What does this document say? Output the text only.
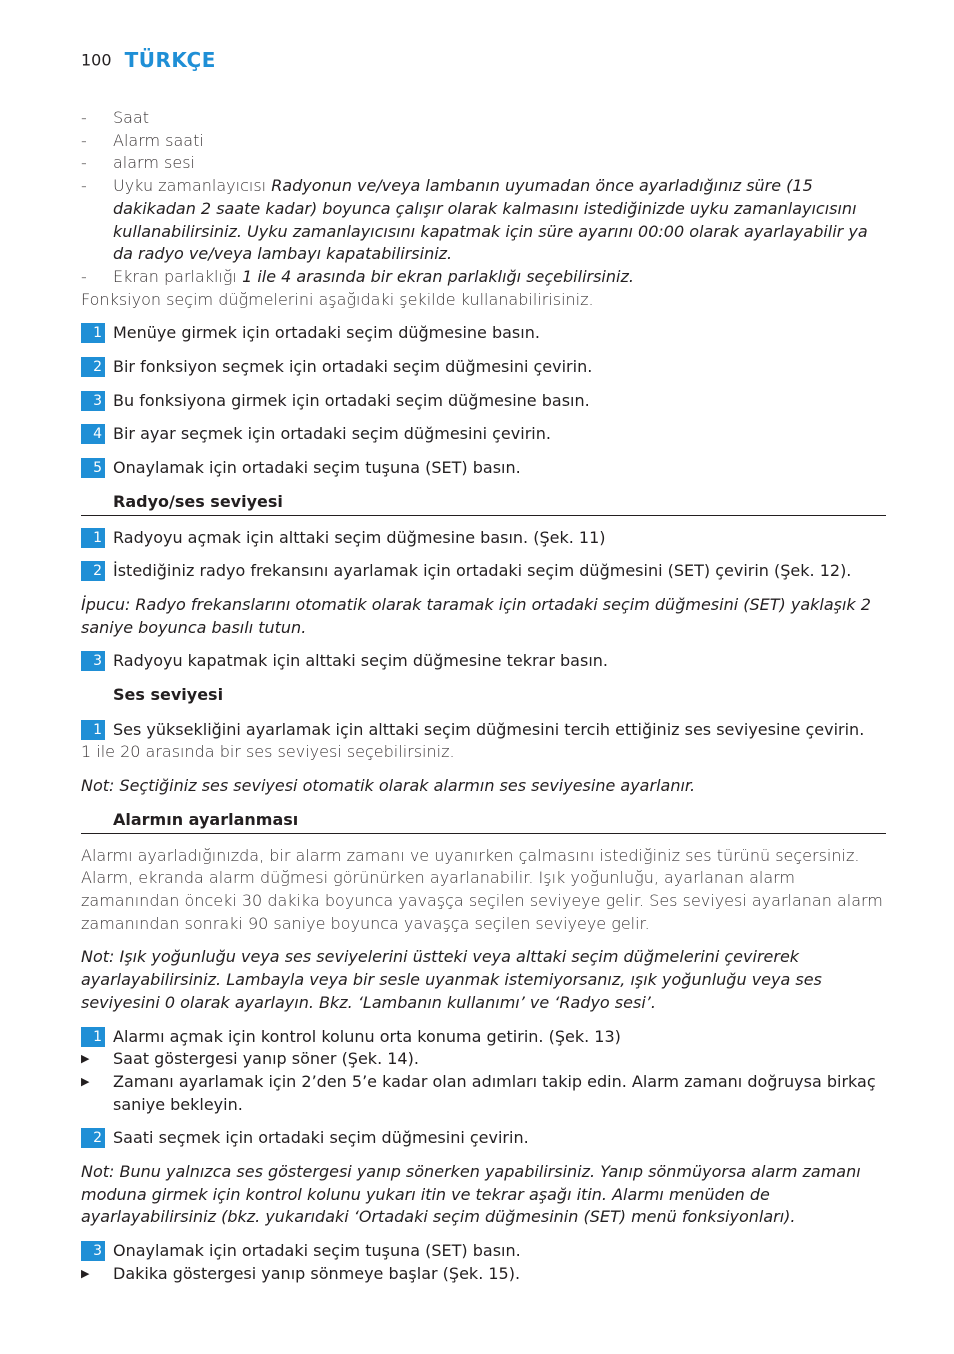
100 TÜRKÇE
-	Saat
-	Alarm saati
-	alarm sesi
-	Uyku zamanlayıcısı Radyonun ve/veya lambanın uyumadan önce ayarladığınız süre (15 dakikadan 2 saate kadar) boyunca çalışır olarak kalmasını istediğinizde uyku zamanlayıcısını kullanabilirsiniz. Uyku zamanlayıcısını kapatmak için süre ayarını 00:00 olarak ayarlayabilir ya da radyo ve/veya lambayı kapatabilirsiniz.
-	Ekran parlaklığı 1 ile 4 arasında bir ekran parlaklığı seçebilirsiniz.
Fonksiyon seçim düğmelerini aşağıdaki şekilde kullanabilirisiniz.
1 Menüye girmek için ortadaki seçim düğmesine basın.
2 Bir fonksiyon seçmek için ortadaki seçim düğmesini çevirin.
3 Bu fonksiyona girmek için ortadaki seçim düğmesine basın.
4 Bir ayar seçmek için ortadaki seçim düğmesini çevirin.
5 Onaylamak için ortadaki seçim tuşuna (SET) basın.
Radyo/ses seviyesi
1 Radyoyu açmak için alttaki seçim düğmesine basın. (Şek. 11)
2 İstediğiniz radyo frekansını ayarlamak için ortadaki seçim düğmesini (SET) çevirin (Şek. 12).
İpucu: Radyo frekanslarını otomatik olarak taramak için ortadaki seçim düğmesini (SET) yaklaşık 2 saniye boyunca basılı tutun.
3 Radyoyu kapatmak için alttaki seçim düğmesine tekrar basın.
Ses seviyesi
1 Ses yüksekliğini ayarlamak için alttaki seçim düğmesini tercih ettiğiniz ses seviyesine çevirin.
1 ile 20 arasında bir ses seviyesi seçebilirsiniz.
Not: Seçtiğiniz ses seviyesi otomatik olarak alarmın ses seviyesine ayarlanır.
Alarmın ayarlanması
Alarmı ayarladığınızda, bir alarm zamanı ve uyanırken çalmasını istediğiniz ses türünü seçersiniz. Alarm, ekranda alarm düğmesi görünürken ayarlanabilir. Işık yoğunluğu, ayarlanan alarm zamanından önceki 30 dakika boyunca yavaşça seçilen seviyeye gelir. Ses seviyesi ayarlanan alarm zamanından sonraki 90 saniye boyunca yavaşça seçilen seviyeye gelir.
Not: Işık yoğunluğu veya ses seviyelerini üstteki veya alttaki seçim düğmelerini çevirerek ayarlayabilirsiniz. Lambayla veya bir sesle uyanmak istemiyorsanız, ışık yoğunluğu veya ses seviyesini 0 olarak ayarlayın. Bkz. ‘Lambanın kullanımı’ ve ‘Radyo sesi’.
1 Alarmı açmak için kontrol kolunu orta konuma getirin. (Şek. 13)
▶	Saat göstergesi yanıp söner (Şek. 14).
▶	Zamanı ayarlamak için 2’den 5’e kadar olan adımları takip edin. Alarm zamanı doğruysa birkaç saniye bekleyin.
2 Saati seçmek için ortadaki seçim düğmesini çevirin.
Not: Bunu yalnızca ses göstergesi yanıp sönerken yapabilirsiniz. Yanıp sönmüyorsa alarm zamanı moduna girmek için kontrol kolunu yukarı itin ve tekrar aşağı itin. Alarmı menüden de ayarlayabilirsiniz (bkz. yukarıdaki ‘Ortadaki seçim düğmesinin (SET) menü fonksiyonları).
3 Onaylamak için ortadaki seçim tuşuna (SET) basın.
▶	Dakika göstergesi yanıp sönmeye başlar (Şek. 15).
